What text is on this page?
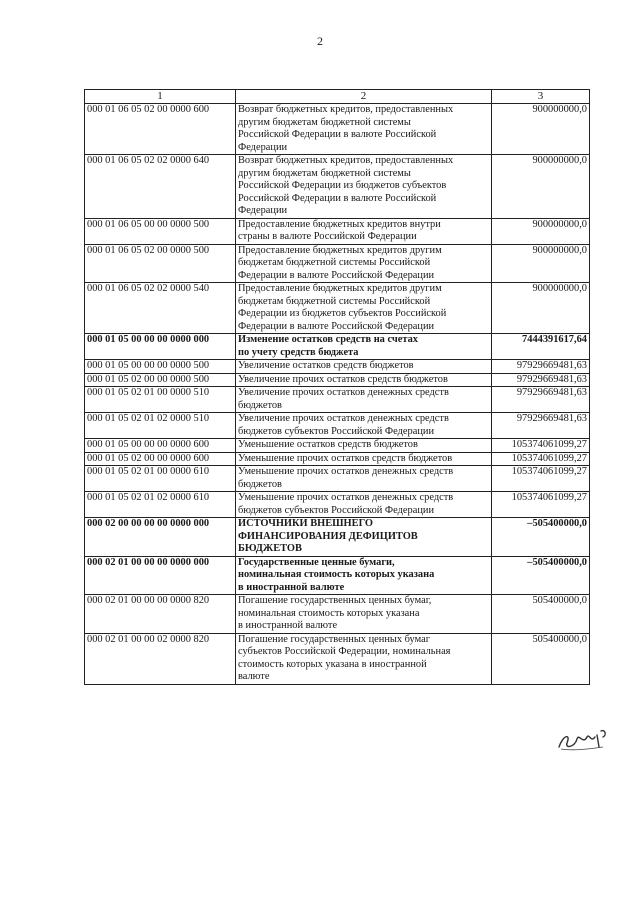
2
1	2	3
000 01 06 05 02 00 0000 600	Возврат бюджетных кредитов, предоставленных
другим бюджетам бюджетной системы
Российской Федерации в валюте Российской
Федерации	900000000,0
000 01 06 05 02 02 0000 640	Возврат бюджетных кредитов, предоставленных
другим бюджетам бюджетной системы
Российской Федерации из бюджетов субъектов
Российской Федерации в валюте Российской
Федерации	900000000,0
000 01 06 05 00 00 0000 500	Предоставление бюджетных кредитов внутри
страны в валюте Российской Федерации	900000000,0
000 01 06 05 02 00 0000 500	Предоставление бюджетных кредитов другим
бюджетам бюджетной системы Российской
Федерации в валюте Российской Федерации	900000000,0
000 01 06 05 02 02 0000 540	Предоставление бюджетных кредитов другим
бюджетам бюджетной системы Российской
Федерации из бюджетов субъектов Российской
Федерации в валюте Российской Федерации	900000000,0
000 01 05 00 00 00 0000 000	Изменение остатков средств на счетах
по учету средств бюджета	7444391617,64
000 01 05 00 00 00 0000 500	Увеличение остатков средств бюджетов	97929669481,63
000 01 05 02 00 00 0000 500	Увеличение прочих остатков средств бюджетов	97929669481,63
000 01 05 02 01 00 0000 510	Увеличение прочих остатков денежных средств
бюджетов	97929669481,63
000 01 05 02 01 02 0000 510	Увеличение прочих остатков денежных средств
бюджетов субъектов Российской Федерации	97929669481,63
000 01 05 00 00 00 0000 600	Уменьшение остатков средств бюджетов	105374061099,27
000 01 05 02 00 00 0000 600	Уменьшение прочих остатков средств бюджетов	105374061099,27
000 01 05 02 01 00 0000 610	Уменьшение прочих остатков денежных средств
бюджетов	105374061099,27
000 01 05 02 01 02 0000 610	Уменьшение прочих остатков денежных средств
бюджетов субъектов Российской Федерации	105374061099,27
000 02 00 00 00 00 0000 000	ИСТОЧНИКИ ВНЕШНЕГО
ФИНАНСИРОВАНИЯ ДЕФИЦИТОВ
БЮДЖЕТОВ	–505400000,0
000 02 01 00 00 00 0000 000	Государственные ценные бумаги,
номинальная стоимость которых указана
в иностранной валюте	–505400000,0
000 02 01 00 00 00 0000 820	Погашение государственных ценных бумаг,
номинальная стоимость которых указана
в иностранной валюте	505400000,0
000 02 01 00 00 02 0000 820	Погашение государственных ценных бумаг
субъектов Российской Федерации, номинальная
стоимость которых указана в иностранной
валюте	505400000,0
